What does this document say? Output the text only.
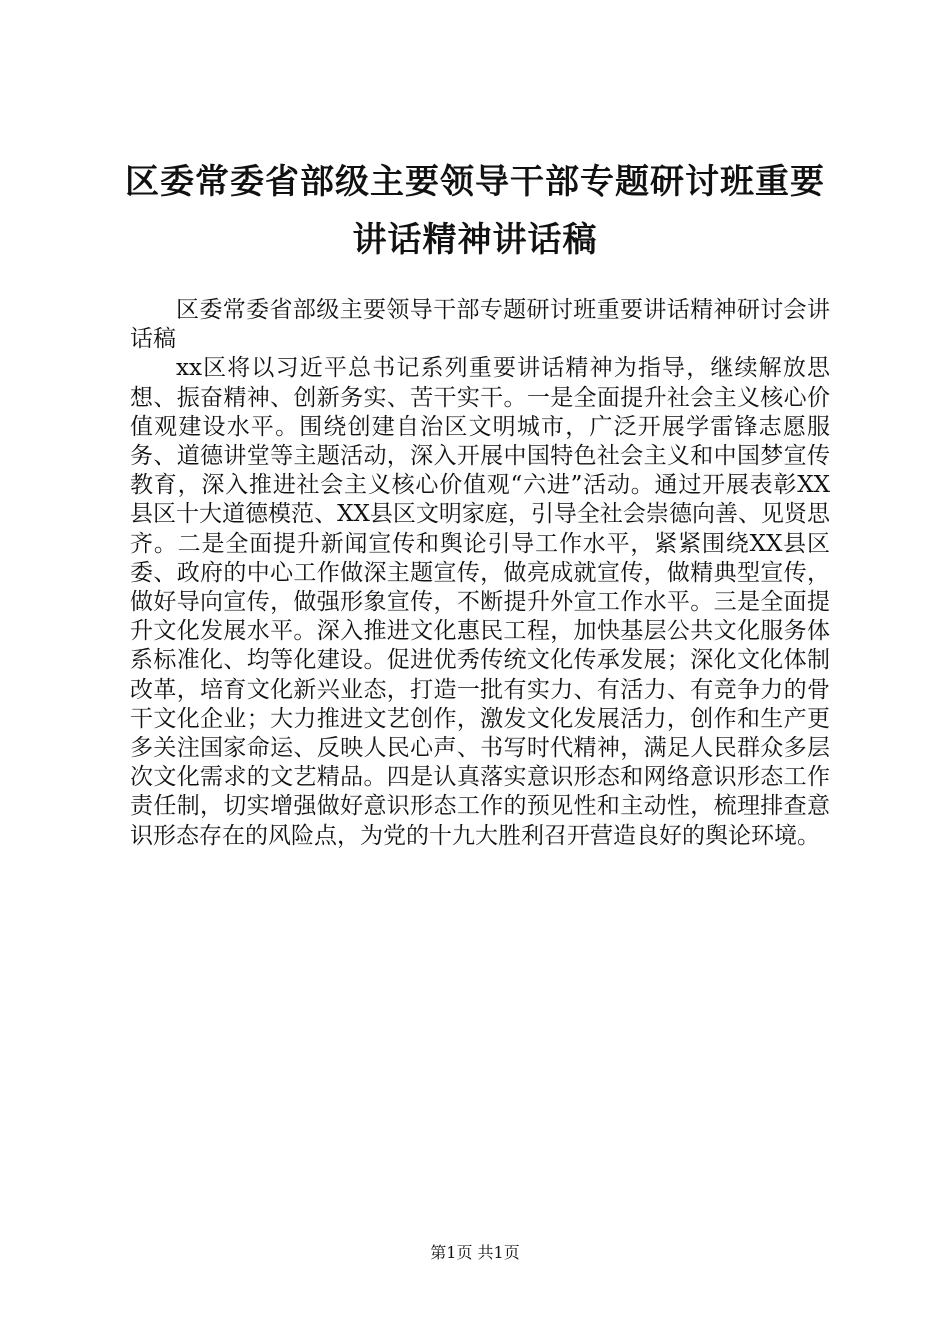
区委常委省部级主要领导干部专题研讨班重要
讲话精神讲话稿

区委常委省部级主要领导干部专题研讨班重要讲话精神研讨会讲话稿

xx区将以习近平总书记系列重要讲话精神为指导，继续解放思想、振奋精神、创新务实、苦干实干。一是全面提升社会主义核心价值观建设水平。围绕创建自治区文明城市，广泛开展学雷锋志愿服务、道德讲堂等主题活动，深入开展中国特色社会主义和中国梦宣传教育，深入推进社会主义核心价值观“六进”活动。通过开展表彰XX县区十大道德模范、XX县区文明家庭，引导全社会崇德向善、见贤思齐。二是全面提升新闻宣传和舆论引导工作水平，紧紧围绕XX县区委、政府的中心工作做深主题宣传，做亮成就宣传，做精典型宣传，做好导向宣传，做强形象宣传，不断提升外宣工作水平。三是全面提升文化发展水平。深入推进文化惠民工程，加快基层公共文化服务体系标准化、均等化建设。促进优秀传统文化传承发展；深化文化体制改革，培育文化新兴业态，打造一批有实力、有活力、有竞争力的骨干文化企业；大力推进文艺创作，激发文化发展活力，创作和生产更多关注国家命运、反映人民心声、书写时代精神，满足人民群众多层次文化需求的文艺精品。四是认真落实意识形态和网络意识形态工作责任制，切实增强做好意识形态工作的预见性和主动性，梳理排查意识形态存在的风险点，为党的十九大胜利召开营造良好的舆论环境。

第1页 共1页
